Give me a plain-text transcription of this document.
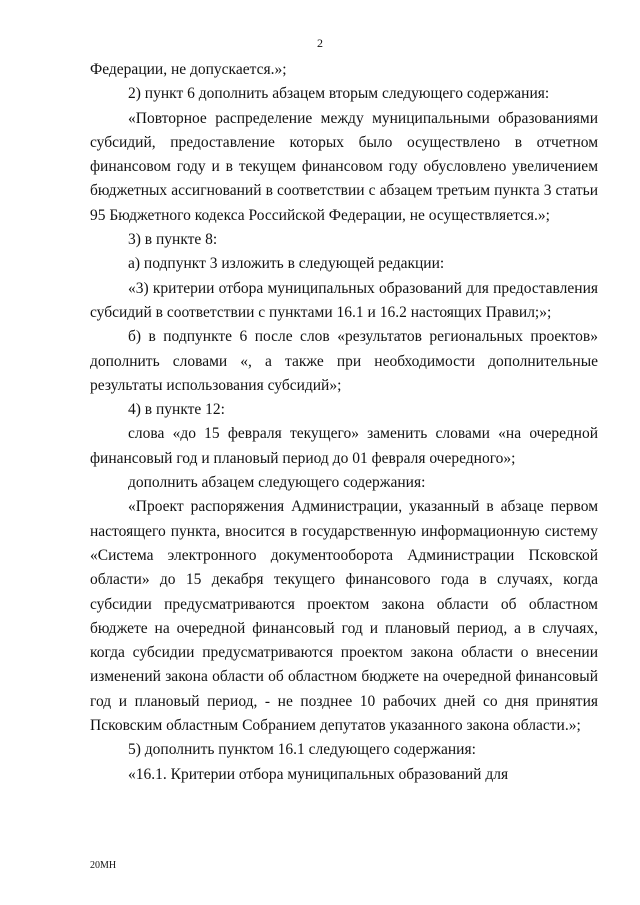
2

Федерации, не допускается.»;

2) пункт 6 дополнить абзацем вторым следующего содержания:

«Повторное распределение между муниципальными образованиями субсидий, предоставление которых было осуществлено в отчетном финансовом году и в текущем финансовом году обусловлено увеличением бюджетных ассигнований в соответствии с абзацем третьим пункта 3 статьи 95 Бюджетного кодекса Российской Федерации, не осуществляется.»;

3) в пункте 8:

а) подпункт 3 изложить в следующей редакции:

«3) критерии отбора муниципальных образований для предоставления субсидий в соответствии с пунктами 16.1 и 16.2 настоящих Правил;»;

б) в подпункте 6 после слов «результатов региональных проектов» дополнить словами «, а также при необходимости дополнительные результаты использования субсидий»;

4) в пункте 12:

слова «до 15 февраля текущего» заменить словами «на очередной финансовый год и плановый период до 01 февраля очередного»;

дополнить абзацем следующего содержания:

«Проект распоряжения Администрации, указанный в абзаце первом настоящего пункта, вносится в государственную информационную систему «Система электронного документооборота Администрации Псковской области» до 15 декабря текущего финансового года в случаях, когда субсидии предусматриваются проектом закона области об областном бюджете на очередной финансовый год и плановый период, а в случаях, когда субсидии предусматриваются проектом закона области о внесении изменений закона области об областном бюджете на очередной финансовый год и плановый период, - не позднее 10 рабочих дней со дня принятия Псковским областным Собранием депутатов указанного закона области.»;

5) дополнить пунктом 16.1 следующего содержания:

«16.1. Критерии отбора муниципальных образований для

20МН
